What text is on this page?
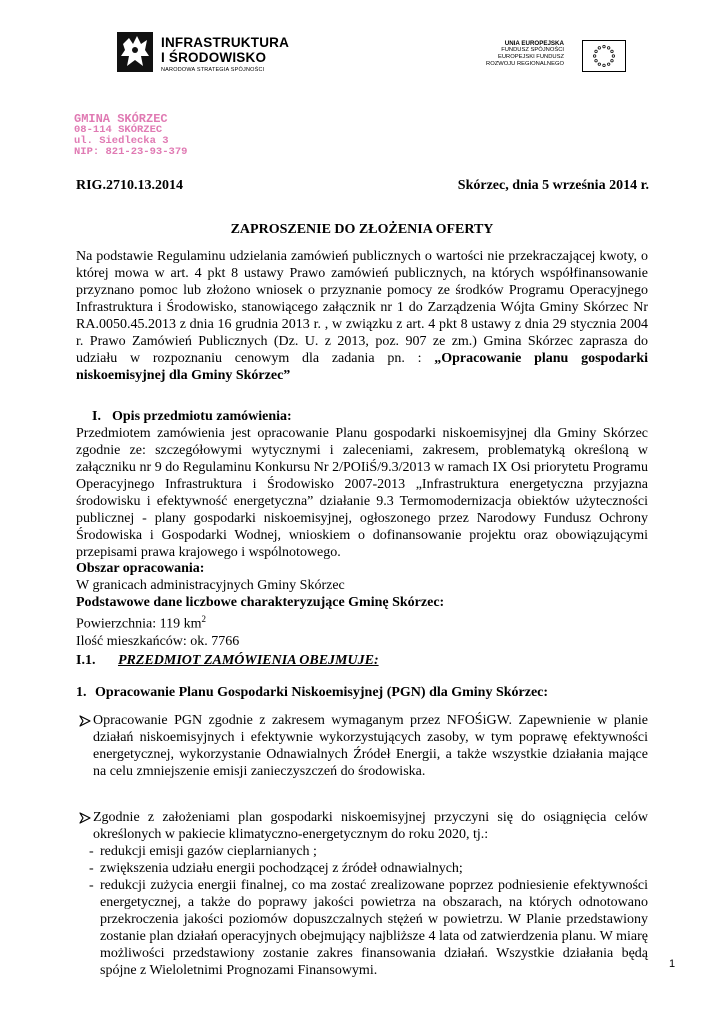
INFRASTRUKTURA
I ŚRODOWISKO
NARODOWA STRATEGIA SPÓJNOŚCI
UNIA EUROPEJSKA
FUNDUSZ SPÓJNOŚCI
EUROPEJSKI FUNDUSZ
ROZWOJU REGIONALNEGO
GMINA SKÓRZEC
08-114 SKÓRZEC
ul. Siedlecka 3
NIP: 821-23-93-379
RIG.2710.13.2014	Skórzec, dnia 5 września 2014 r.
ZAPROSZENIE DO ZŁOŻENIA OFERTY
Na podstawie Regulaminu udzielania zamówień publicznych o wartości nie przekraczającej kwoty, o której mowa w art. 4 pkt 8 ustawy Prawo zamówień publicznych, na których współfinansowanie przyznano pomoc lub złożono wniosek o przyznanie pomocy ze środków Programu Operacyjnego Infrastruktura i Środowisko, stanowiącego załącznik nr 1 do Zarządzenia Wójta Gminy Skórzec Nr RA.0050.45.2013 z dnia 16 grudnia 2013 r. , w związku z art. 4 pkt 8 ustawy z dnia 29 stycznia 2004 r. Prawo Zamówień Publicznych (Dz. U. z 2013, poz. 907 ze zm.) Gmina Skórzec zaprasza do udziału w rozpoznaniu cenowym dla zadania pn. : „Opracowanie planu gospodarki niskoemisyjnej dla Gminy Skórzec”
I. Opis przedmiotu zamówienia:
Przedmiotem zamówienia jest opracowanie Planu gospodarki niskoemisyjnej dla Gminy Skórzec zgodnie ze: szczegółowymi wytycznymi i zaleceniami, zakresem, problematyką określoną w załączniku nr 9 do Regulaminu Konkursu Nr 2/POIiŚ/9.3/2013 w ramach IX Osi priorytetu Programu Operacyjnego Infrastruktura i Środowisko 2007-2013 „Infrastruktura energetyczna przyjazna środowisku i efektywność energetyczna” działanie 9.3 Termomodernizacja obiektów użyteczności publicznej - plany gospodarki niskoemisyjnej, ogłoszonego przez Narodowy Fundusz Ochrony Środowiska i Gospodarki Wodnej, wnioskiem o dofinansowanie projektu oraz obowiązującymi przepisami prawa krajowego i wspólnotowego.
Obszar opracowania:
W granicach administracyjnych Gminy Skórzec
Podstawowe dane liczbowe charakteryzujące Gminę Skórzec:
Powierzchnia: 119 $km^2$
Ilość mieszkańców: ok. 7766
I.1. PRZEDMIOT ZAMÓWIENIA OBEJMUJE:
1. Opracowanie Planu Gospodarki Niskoemisyjnej (PGN) dla Gminy Skórzec:
Opracowanie PGN zgodnie z zakresem wymaganym przez NFOŚiGW. Zapewnienie w planie działań niskoemisyjnych i efektywnie wykorzystujących zasoby, w tym poprawę efektywności energetycznej, wykorzystanie Odnawialnych Źródeł Energii, a także wszystkie działania mające na celu zmniejszenie emisji zanieczyszczeń do środowiska.
Zgodnie z założeniami plan gospodarki niskoemisyjnej przyczyni się do osiągnięcia celów określonych w pakiecie klimatyczno-energetycznym do roku 2020, tj.:
- redukcji emisji gazów cieplarnianych ;
- zwiększenia udziału energii pochodzącej z źródeł odnawialnych;
- redukcji zużycia energii finalnej, co ma zostać zrealizowane poprzez podniesienie efektywności energetycznej, a także do poprawy jakości powietrza na obszarach, na których odnotowano przekroczenia jakości poziomów dopuszczalnych stężeń w powietrzu. W Planie przedstawiony zostanie plan działań operacyjnych obejmujący najbliższe 4 lata od zatwierdzenia planu. W miarę możliwości przedstawiony zostanie zakres finansowania działań. Wszystkie działania będą spójne z Wieloletnimi Prognozami Finansowymi.	1
